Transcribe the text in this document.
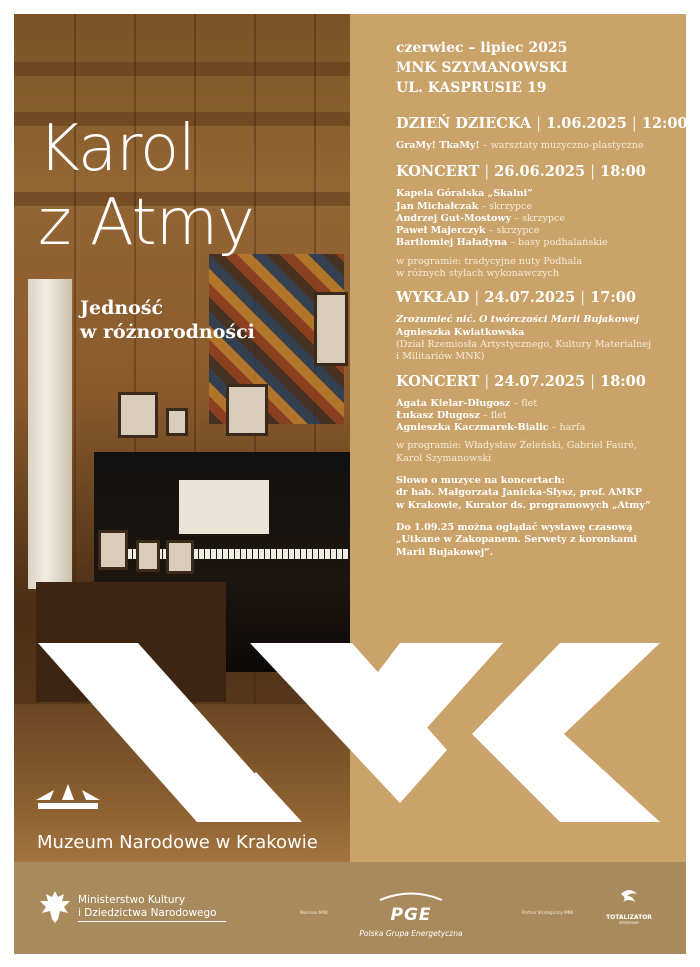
Karol
z Atmy
Jedność
w różnorodności
czerwiec – lipiec 2025
MNK SZYMANOWSKI
UL. KASPRUSIE 19
DZIEŃ DZIECKA | 1.06.2025 | 12:00
GraMy! TkaMy! – warsztaty muzyczno-plastyczne
KONCERT | 26.06.2025 | 18:00
Kapela Góralska „Skalni”
Jan Michałczak – skrzypce
Andrzej Gut-Mostowy – skrzypce
Paweł Majerczyk – skrzypce
Bartłomiej Haładyna – basy podhalańskie
w programie: tradycyjne nuty Podhala
w różnych stylach wykonawczych
WYKŁAD | 24.07.2025 | 17:00
Zrozumieć nić. O twórczości Marii Bujakowej
Agnieszka Kwiatkowska
(Dział Rzemiosła Artystycznego, Kultury Materialnej
i Militariów MNK)
KONCERT | 24.07.2025 | 18:00
Agata Kielar-Długosz – flet
Łukasz Długosz – flet
Agnieszka Kaczmarek-Bialic – harfa
w programie: Władysław Żeleński, Gabriel Fauré,
Karol Szymanowski
Słowo o muzyce na koncertach:
dr hab. Małgorzata Janicka-Słysz, prof. AMKP
w Krakowie, Kurator ds. programowych „Atmy”
Do 1.09.25 można oglądać wystawę czasową
„Utkane w Zakopanem. Serwety z koronkami
Marii Bujakowej”.
Muzeum Narodowe w Krakowie
Ministerstwo Kultury
i Dziedzictwa Narodowego	Mecenas MNK	PGE
Polska Grupa Energetyczna
Partner Strategiczny MNK
TOTALIZATOR
SPORTOWY
